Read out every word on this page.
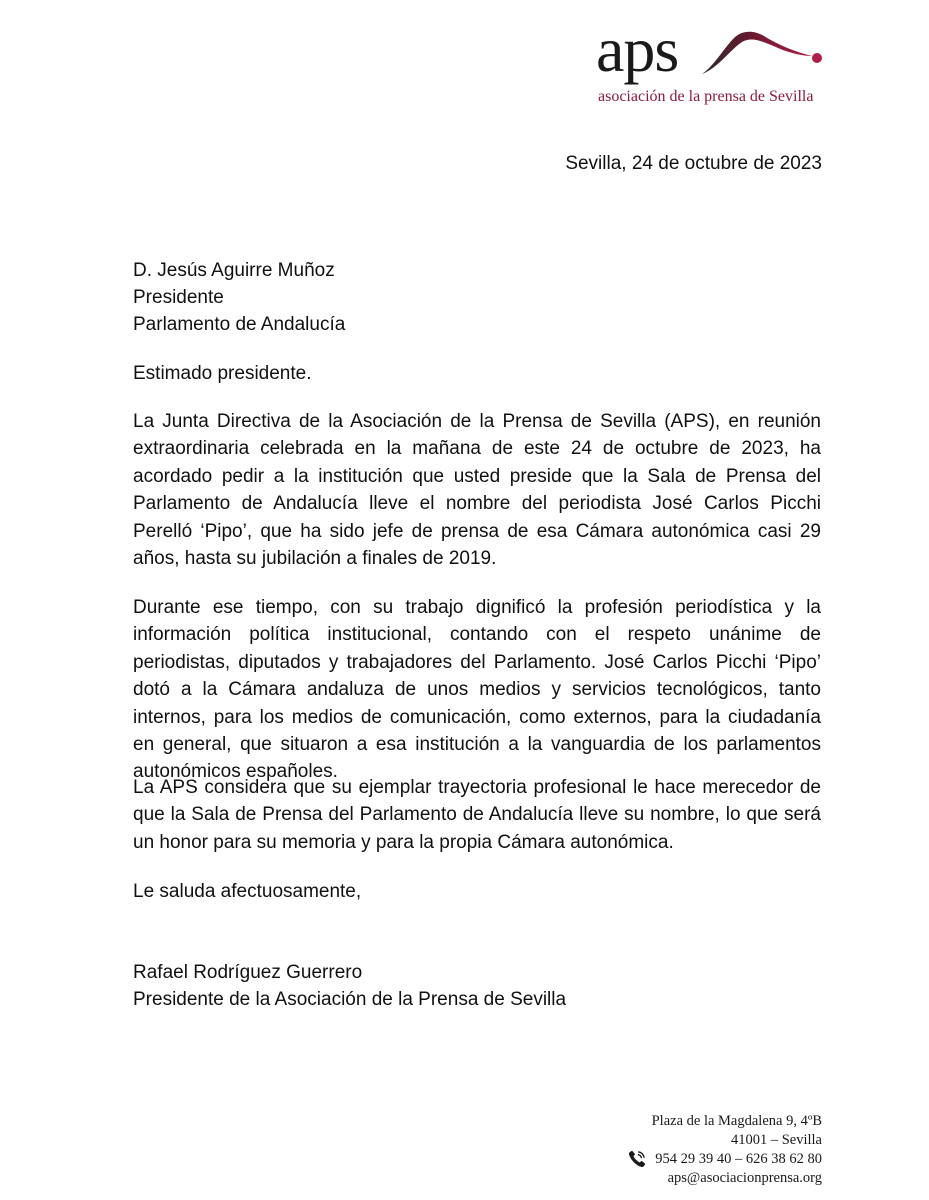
aps
asociación de la prensa de Sevilla
Sevilla, 24 de octubre de 2023
D. Jesús Aguirre Muñoz
Presidente
Parlamento de Andalucía
Estimado presidente.

La Junta Directiva de la Asociación de la Prensa de Sevilla (APS), en reunión extraordinaria celebrada en la mañana de este 24 de octubre de 2023, ha acordado pedir a la institución que usted preside que la Sala de Prensa del Parlamento de Andalucía lleve el nombre del periodista José Carlos Picchi Perelló ‘Pipo’, que ha sido jefe de prensa de esa Cámara autonómica casi 29 años, hasta su jubilación a finales de 2019.

Durante ese tiempo, con su trabajo dignificó la profesión periodística y la información política institucional, contando con el respeto unánime de periodistas, diputados y trabajadores del Parlamento. José Carlos Picchi ‘Pipo’ dotó a la Cámara andaluza de unos medios y servicios tecnológicos, tanto internos, para los medios de comunicación, como externos, para la ciudadanía en general, que situaron a esa institución a la vanguardia de los parlamentos autonómicos españoles.

La APS considera que su ejemplar trayectoria profesional le hace merecedor de que la Sala de Prensa del Parlamento de Andalucía lleve su nombre, lo que será un honor para su memoria y para la propia Cámara autonómica.

Le saluda afectuosamente,
Rafael Rodríguez Guerrero
Presidente de la Asociación de la Prensa de Sevilla
Plaza de la Magdalena 9, 4ºB
41001 – Sevilla
954 29 39 40 – 626 38 62 80
aps@asociacionprensa.org
